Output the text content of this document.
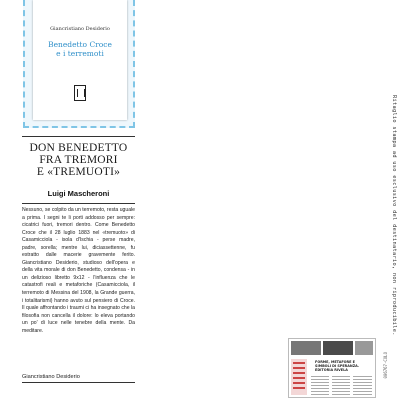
Giancristiano Desiderio
Benedetto Croce
e i terremoti
DON BENEDETTO
FRA TREMORI
E «TREMUOTI»
Luigi Mascheroni

Nessuno, se colpito da un terremoto, resta uguale a prima. I segni te li porti addosso per sempre: cicatrici fuori, tremori dentro. Come Benedetto Croce che il 28 luglio 1883 nel «tremuoto» di Casamicciola - isola d'Ischia - perse madre, padre, sorella; mentre lui, diciassettenne, fu estratto dalle macerie gravemente ferito. Giancristiano Desiderio, studioso dell'opera e della vita morale di don Benedetto, condensa - in un delizioso libretto 9x12 - l'influenza che le catastrofi reali e metaforiche (Casamicciola, il terremoto di Messina del 1908, la Grande guerra, i totalitarismi) hanno avuto sul pensiero di Croce. Il quale affrontando i traumi ci ha insegnato che la filosofia non cancella il dolore: lo eleva portando un po' di luce nelle tenebre della mente. Da meditare.

Giancristiano Desiderio
FORME, METAFORE E SIMBOLI DI SPERANZA. EDITORIA RIVELA
Ritaglio stampa ad uso esclusivo del destinatario, non riproducibile.
006767-COLO
